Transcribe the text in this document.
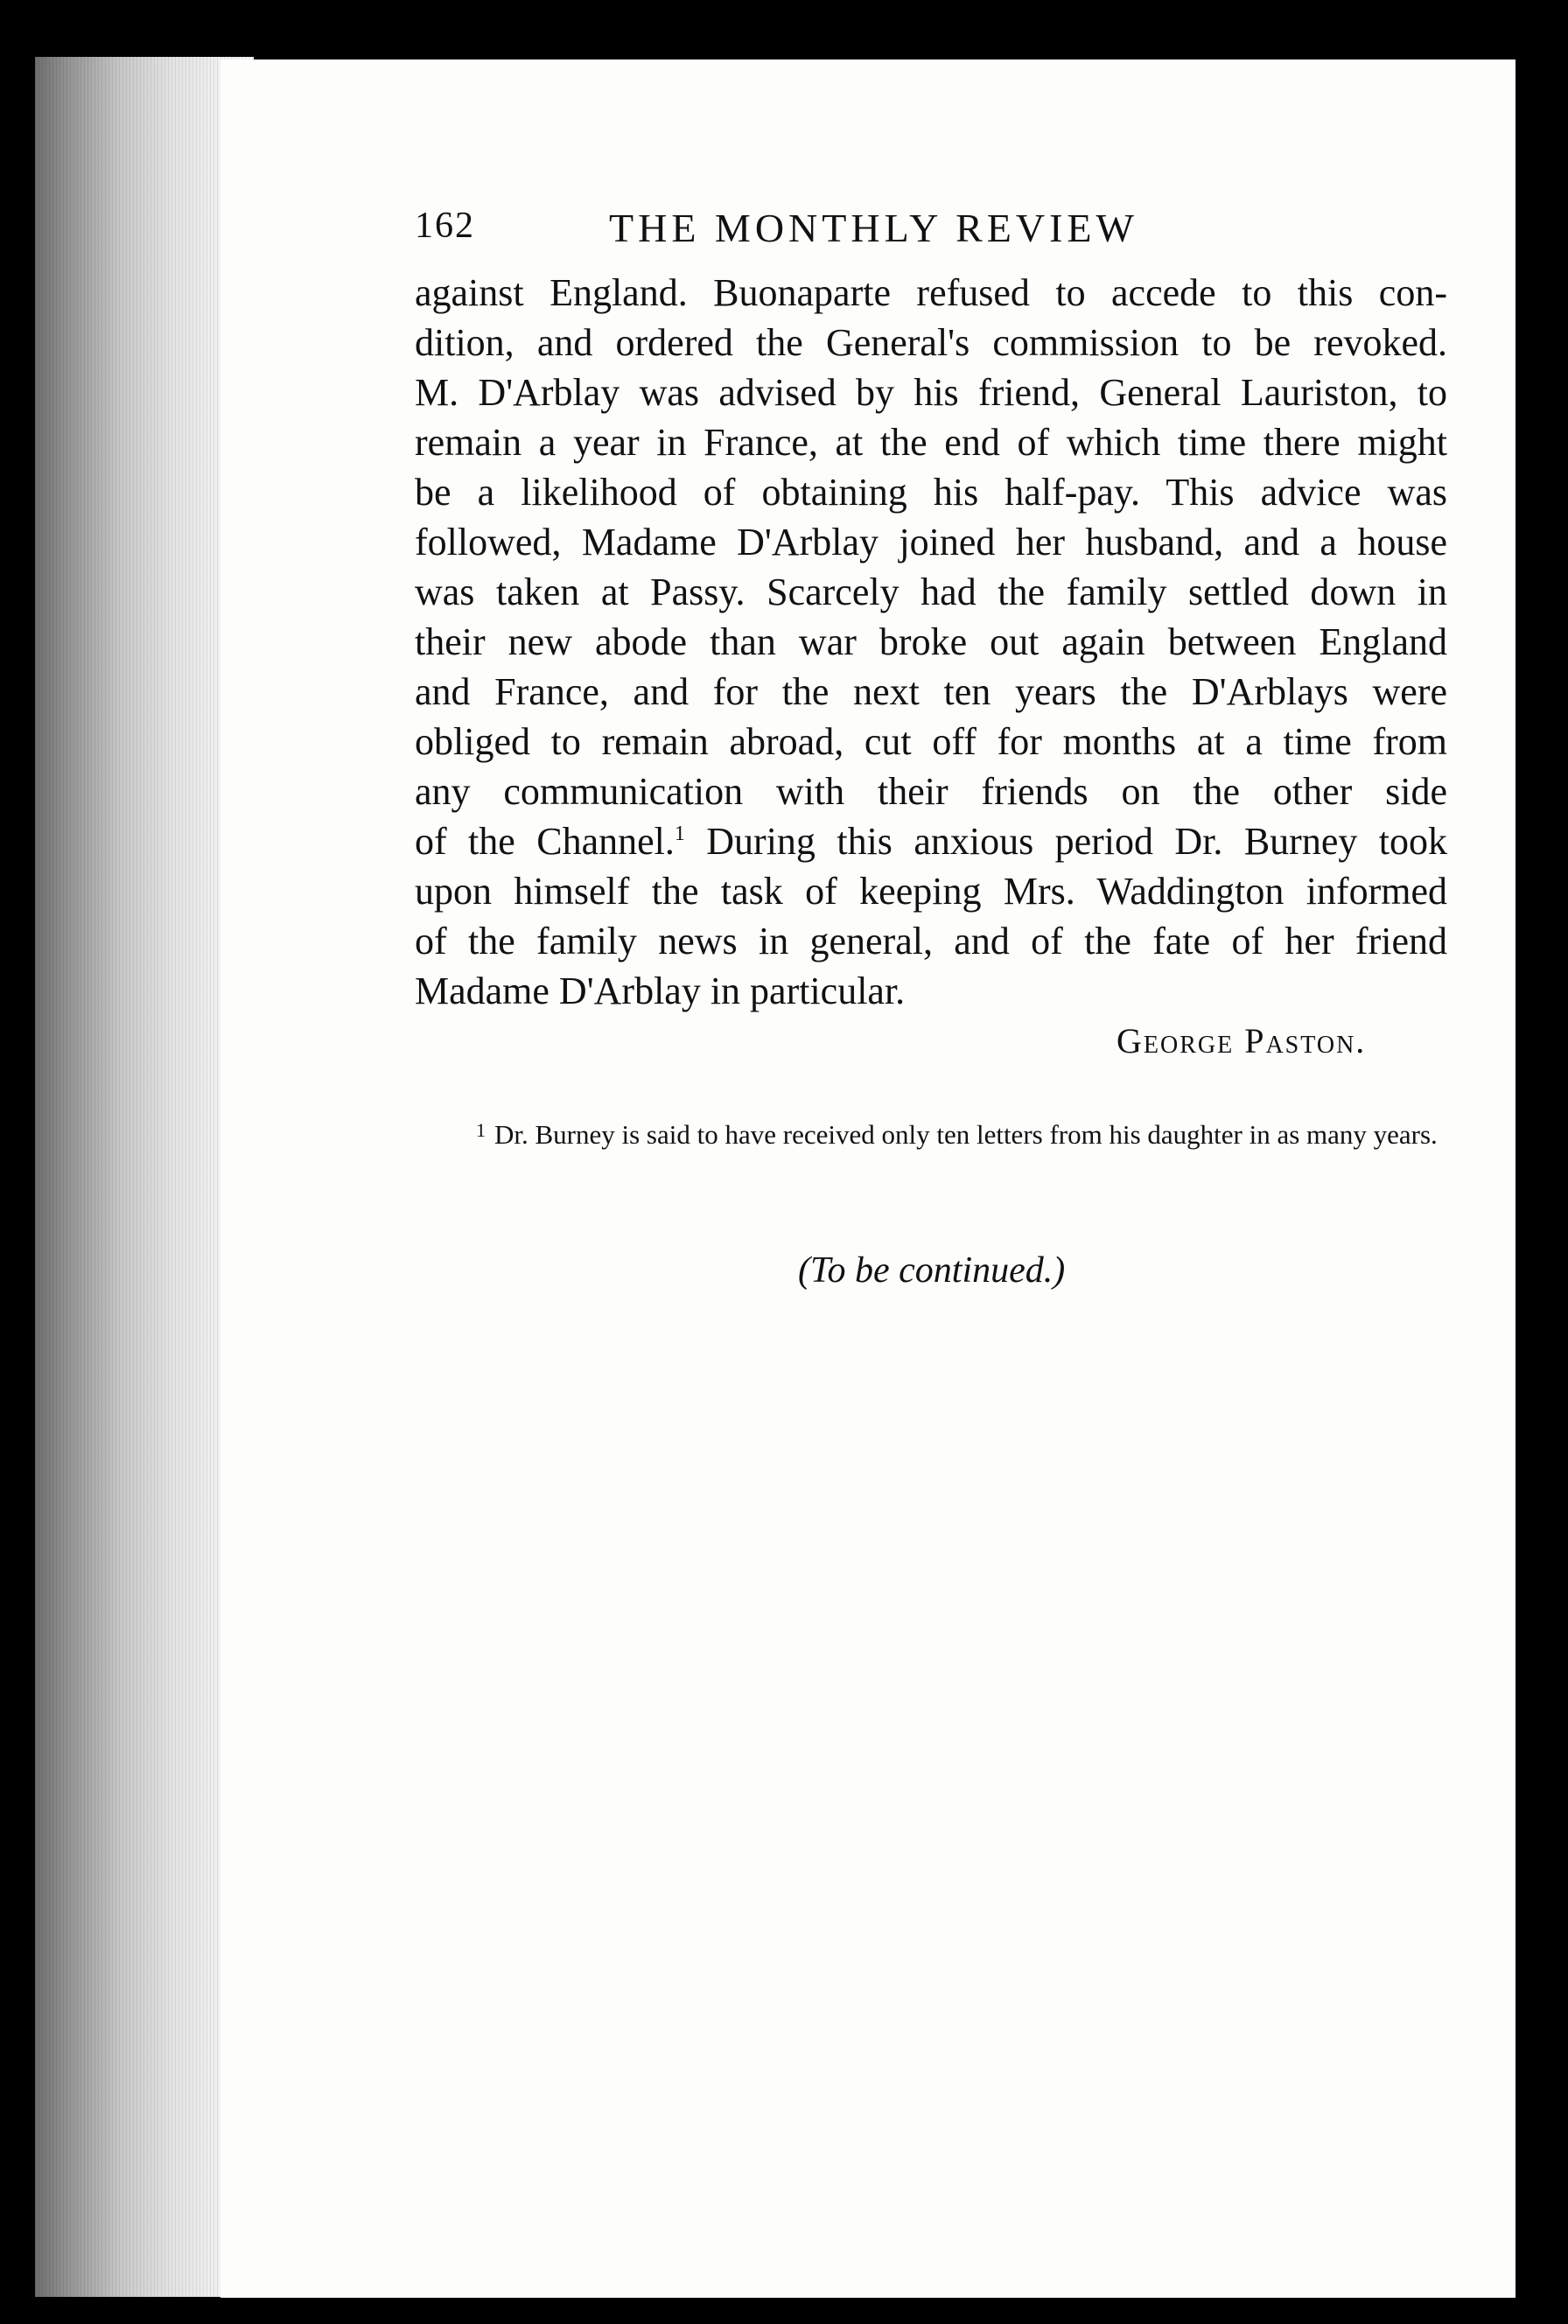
162	THE MONTHLY REVIEW
against England. Buonaparte refused to accede to this con-
dition, and ordered the General's commission to be revoked.
M. D'Arblay was advised by his friend, General Lauriston, to
remain a year in France, at the end of which time there might
be a likelihood of obtaining his half-pay. This advice was
followed, Madame D'Arblay joined her husband, and a house
was taken at Passy. Scarcely had the family settled down in
their new abode than war broke out again between England
and France, and for the next ten years the D'Arblays were
obliged to remain abroad, cut off for months at a time from
any communication with their friends on the other side
of the Channel.$^1$ During this anxious period Dr. Burney took
upon himself the task of keeping Mrs. Waddington informed
of the family news in general, and of the fate of her friend
Madame D'Arblay in particular.
George Paston.
$^1$ Dr. Burney is said to have received only ten letters from his daughter in as many years.
(To be continued.)
